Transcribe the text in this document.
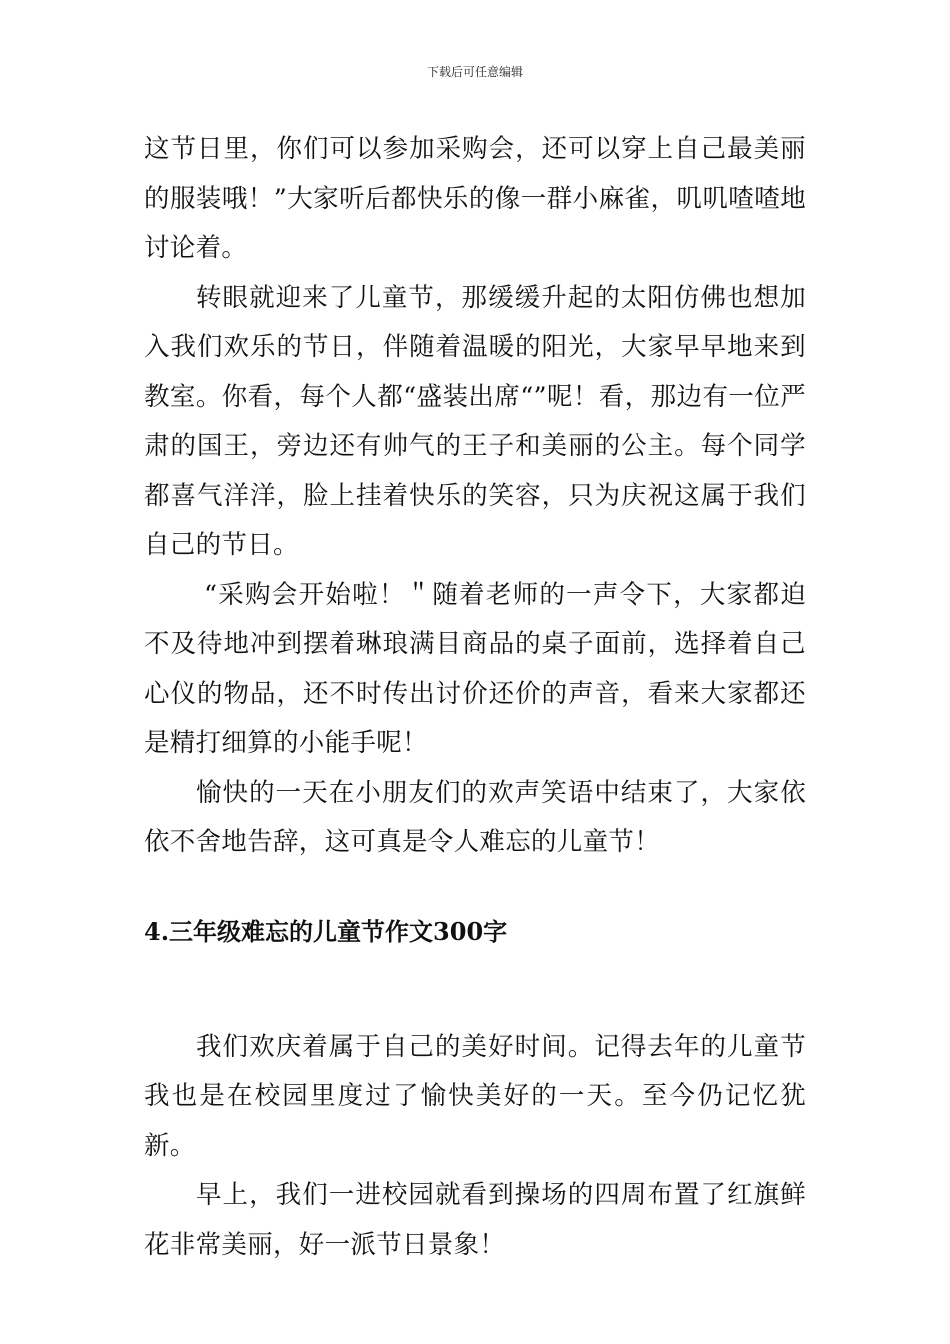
下载后可任意编辑

这节日里，你们可以参加采购会，还可以穿上自己最美丽的服装哦！”大家听后都快乐的像一群小麻雀，叽叽喳喳地讨论着。

转眼就迎来了儿童节，那缓缓升起的太阳仿佛也想加入我们欢乐的节日，伴随着温暖的阳光，大家早早地来到教室。你看，每个人都“盛装出席“”呢！看，那边有一位严肃的国王，旁边还有帅气的王子和美丽的公主。每个同学都喜气洋洋，脸上挂着快乐的笑容，只为庆祝这属于我们自己的节日。

“采购会开始啦！＂随着老师的一声令下，大家都迫不及待地冲到摆着琳琅满目商品的桌子面前，选择着自己心仪的物品，还不时传出讨价还价的声音，看来大家都还是精打细算的小能手呢！

愉快的一天在小朋友们的欢声笑语中结束了，大家依依不舍地告辞，这可真是令人难忘的儿童节！

4.三年级难忘的儿童节作文300字

我们欢庆着属于自己的美好时间。记得去年的儿童节我也是在校园里度过了愉快美好的一天。至今仍记忆犹新。

早上，我们一进校园就看到操场的四周布置了红旗鲜花非常美丽，好一派节日景象！
